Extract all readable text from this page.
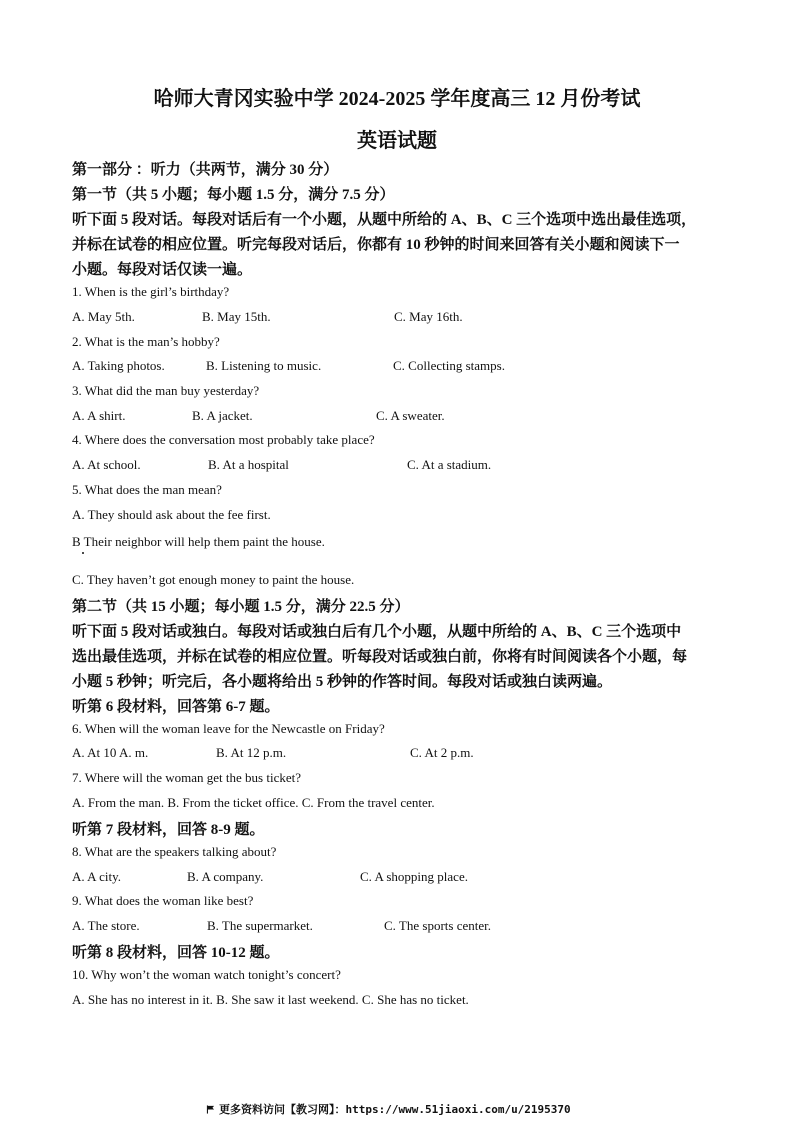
哈师大青冈实验中学 2024-2025 学年度高三 12 月份考试
英语试题
第一部分 ：听力（共两节，满分 30 分）
第一节（共 5 小题；每小题 1.5 分，满分 7.5 分）
听下面 5 段对话。每段对话后有一个小题，从题中所给的 A、B、C 三个选项中选出最佳选项，
并标在试卷的相应位置。听完每段对话后，你都有 10 秒钟的时间来回答有关小题和阅读下一
小题。每段对话仅读一遍。
1. When is the girl’s birthday?
A. May 5th.	B. May 15th.	C. May 16th.
2. What is the man’s hobby?
A. Taking photos.	B. Listening to music.	C. Collecting stamps.
3. What did the man buy yesterday?
A. A shirt.	B. A jacket.	C. A sweater.
4. Where does the conversation most probably take place?
A. At school.	B. At a hospital	C. At a stadium.
5. What does the man mean?
A. They should ask about the fee first.
B Their neighbor will help them paint the house.
C. They haven’t got enough money to paint the house.
第二节（共 15 小题；每小题 1.5 分，满分 22.5 分）
听下面 5 段对话或独白。每段对话或独白后有几个小题，从题中所给的 A、B、C 三个选项中
选出最佳选项，并标在试卷的相应位置。听每段对话或独白前，你将有时间阅读各个小题，每
小题 5 秒钟；听完后，各小题将给出 5 秒钟的作答时间。每段对话或独白读两遍。
听第 6 段材料，回答第 6-7 题。
6. When will the woman leave for the Newcastle on Friday?
A. At 10 A. m.	B. At 12 p.m.	C. At 2 p.m.
7. Where will the woman get the bus ticket?
A. From the man. B. From the ticket office. C. From the travel center.
听第 7 段材料，回答 8-9 题。
8. What are the speakers talking about?
A. A city.	B. A company.	C. A shopping place.
9. What does the woman like best?
A. The store.	B. The supermarket.	C. The sports center.
听第 8 段材料，回答 10-12 题。
10. Why won’t the woman watch tonight’s concert?
A. She has no interest in it. B. She saw it last weekend. C. She has no ticket.
更多资料访问【教习网】：https://www.51jiaoxi.com/u/2195370
